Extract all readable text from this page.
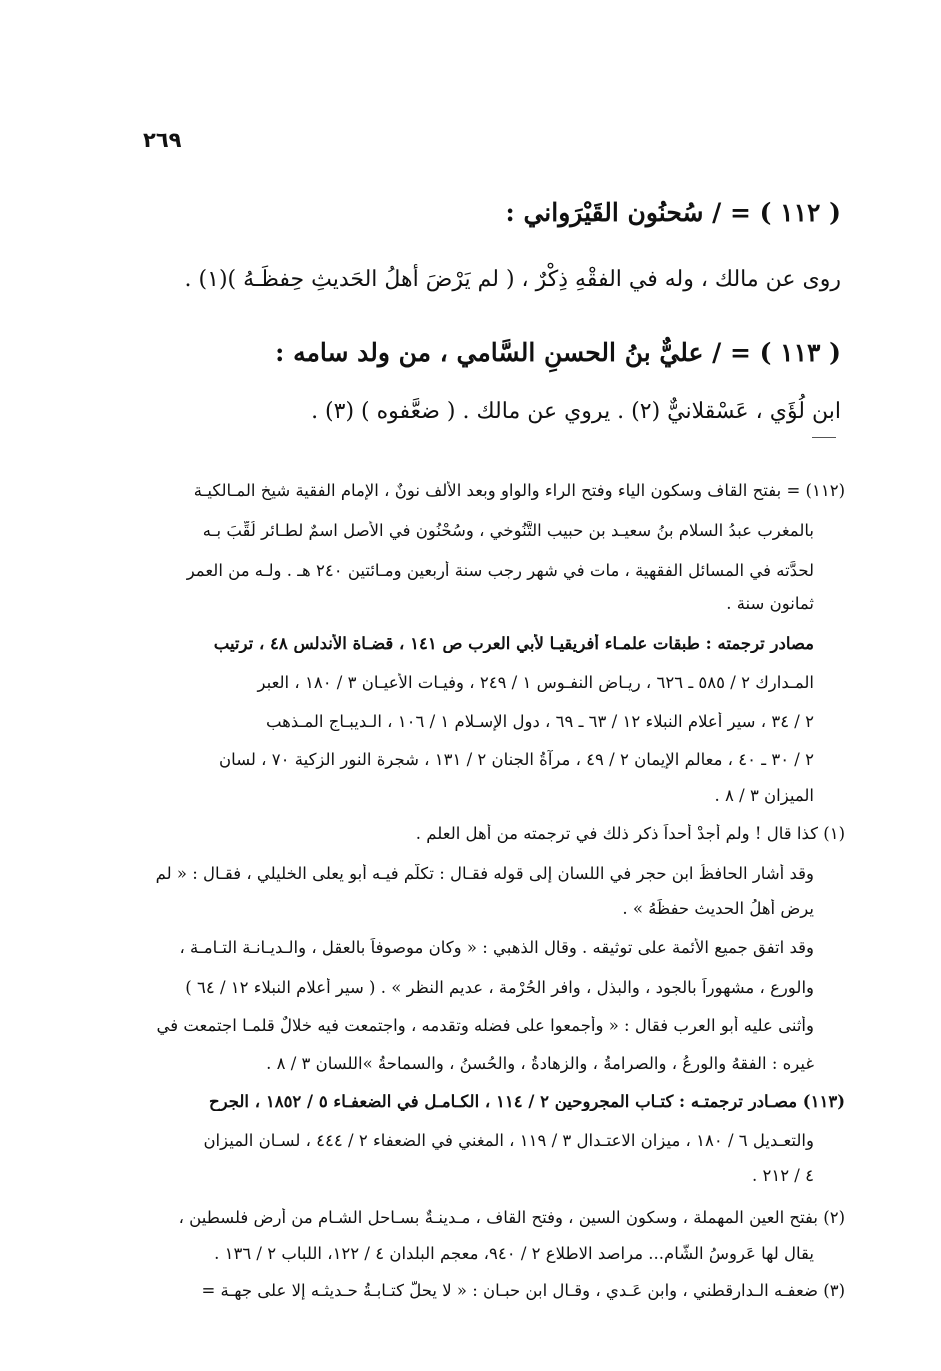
٢٦٩
( ١١٢ ) = / سُحنُون القَيْرَواني :
روى عن مالك ، وله في الفقْهِ ذِكْرٌ ، ( لم يَرْضَ أهلُ الحَديثِ حِفظَـهُ )(١) .
( ١١٣ ) = / عليٌّ بنُ الحسنِ السَّامي ، من ولد سامه :
ابن لُؤَي ، عَسْقلانيٌّ (٢) . يروي عن مالك . ( ضعَّفوه ) (٣) .
(١١٢) = بفتح القاف وسكون الياء وفتح الراء والواو وبعد الألف نونٌ ، الإمام الفقية شيخ المـالكيـة
بالمغرب عبدُ السلام بنُ سعيـد بن حبيب التَّنُوخي ، وسُحْنُون في الأصل اسمٌ لطـائر لُقِّبَ بـه
لحدَّته في المسائل الفقهية ، مات في شهر رجب سنة أربعين ومـائتين ٢٤٠ هـ . ولـه من العمر
ثمانون سنة .
مصادر ترجمته : طبقات علمـاء أفريقيـا لأبي العرب ص ١٤١ ، قضـاة الأندلس ٤٨ ، ترتيب
المـدارك ٢ / ٥٨٥ ـ ٦٢٦ ، ريـاض النفـوس ١ / ٢٤٩ ، وفيـات الأعيـان ٣ / ١٨٠ ، العبر
٢ / ٣٤ ، سير أعلام النبلاء ١٢ / ٦٣ ـ ٦٩ ، دول الإسـلام ١ / ١٠٦ ، الـديبـاج المـذهب
٢ / ٣٠ ـ ٤٠ ، معالم الإيمان ٢ / ٤٩ ، مرآةُ الجنان ٢ / ١٣١ ، شجرة النور الزكية ٧٠ ، لسان
الميزان ٣ / ٨ .
(١) كذا قال ! ولم أجدْ أحداً ذكر ذلك في ترجمته من أهل العلم .
وقد أشار الحافظُ ابن حجر في اللسان إلى قوله فقـال : تكلّم فيـه أبو يعلى الخليلي ، فقـال : « لم
يرض أهلُ الحديث حفظَهُ » .
وقد اتفق جميع الأئمة على توثيقه . وقال الذهبي : « وكان موصوفاً بالعقل ، والـديـانـة التـامـة ،
والورع ، مشهوراً بالجود ، والبذل ، وافر الحُرْمة ، عديم النظر » . ( سير أعلام النبلاء ١٢ / ٦٤ )
وأثنى عليه أبو العرب فقال : « وأجمعوا على فضله وتقدمه ، واجتمعت فيه خلالٌ قلمـا اجتمعت في
غيره : الفقهُ والورعُ ، والصرامةُ ، والزهادةُ ، والحُسنُ ، والسماحةُ »اللسان ٣ / ٨ .
(١١٣) مصـادر ترجمتـه : كتـاب المجروحين ٢ / ١١٤ ، الكـامـل في الضعفـاء ٥ / ١٨٥٢ ، الجرح
والتعـديل ٦ / ١٨٠ ، ميزان الاعتـدال ٣ / ١١٩ ، المغني في الضعفاء ٢ / ٤٤٤ ، لسـان الميزان
٤ / ٢١٢ .
(٢) بفتح العين المهملة ، وسكون السين ، وفتح القاف ، مـدينـةٌ بسـاحلِ الشـام من أرض فلسطين ،
يقال لها عَروسُ الشّام... مراصد الاطلاع ٢ / ٩٤٠، معجم البلدان ٤ / ١٢٢، اللباب ٢ / ١٣٦ .
(٣) ضعفـه الـدارقطني ، وابن عَـدي ، وقـال ابن حبـان : « لا يحلُّ كتـابـةُ حـديثـه إلا على جهـة =
